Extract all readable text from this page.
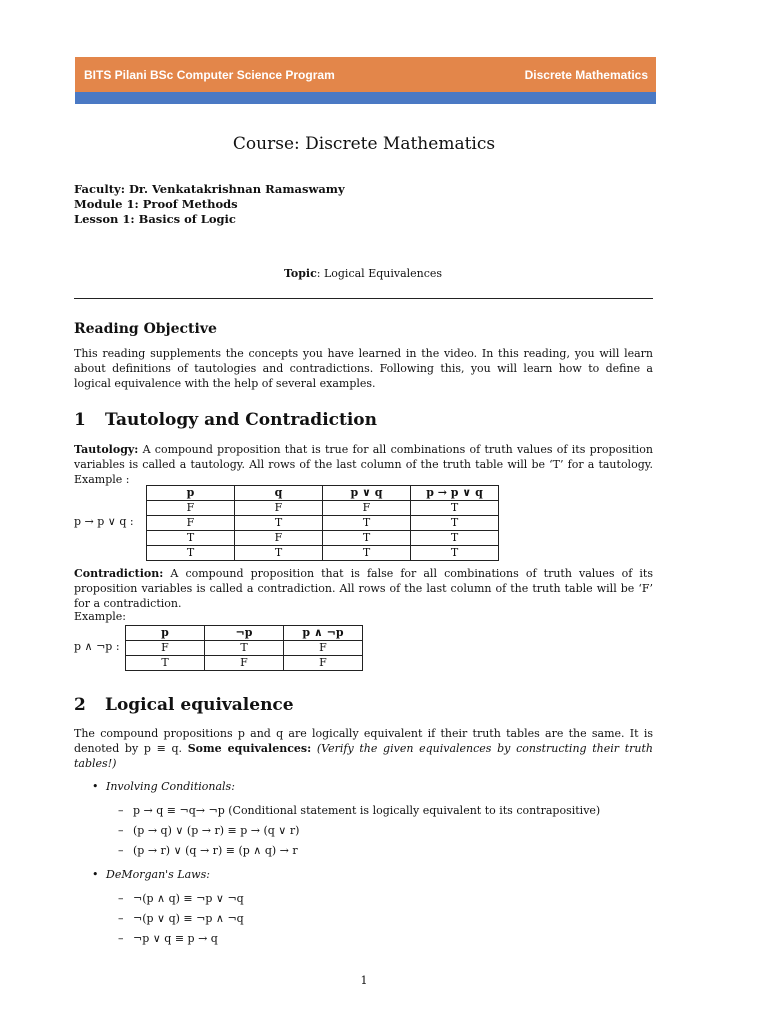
BITS Pilani BSc Computer Science Program	Discrete Mathematics
Course: Discrete Mathematics
Faculty: Dr. Venkatakrishnan Ramaswamy
Module 1: Proof Methods
Lesson 1: Basics of Logic
Topic: Logical Equivalences
Reading Objective
This reading supplements the concepts you have learned in the video. In this reading, you will learn about definitions of tautologies and contradictions. Following this, you will learn how to define a logical equivalence with the help of several examples.
1 Tautology and Contradiction
Tautology: A compound proposition that is true for all combinations of truth values of its proposition variables is called a tautology. All rows of the last column of the truth table will be ‘T’ for a tautology. Example :
p → p ∨ q :
p	q	p ∨ q	p → p ∨ q
F	F	F	T
F	T	T	T
T	F	T	T
T	T	T	T
Contradiction: A compound proposition that is false for all combinations of truth values of its proposition variables is called a contradiction. All rows of the last column of the truth table will be ‘F’ for a contradiction.
Example:
p ∧ ¬p :
p	¬p	p ∧ ¬p
F	T	F
T	F	F
2 Logical equivalence
The compound propositions p and q are logically equivalent if their truth tables are the same. It is denoted by p ≡ q. Some equivalences: (Verify the given equivalences by constructing their truth tables!)
• Involving Conditionals:
– p → q ≡ ¬q→ ¬p (Conditional statement is logically equivalent to its contrapositive)
– (p → q) ∨ (p → r) ≡ p → (q ∨ r)
– (p → r) ∨ (q → r) ≡ (p ∧ q) → r
• DeMorgan's Laws:
– ¬(p ∧ q) ≡ ¬p ∨ ¬q
– ¬(p ∨ q) ≡ ¬p ∧ ¬q
– ¬p ∨ q ≡ p → q
1
